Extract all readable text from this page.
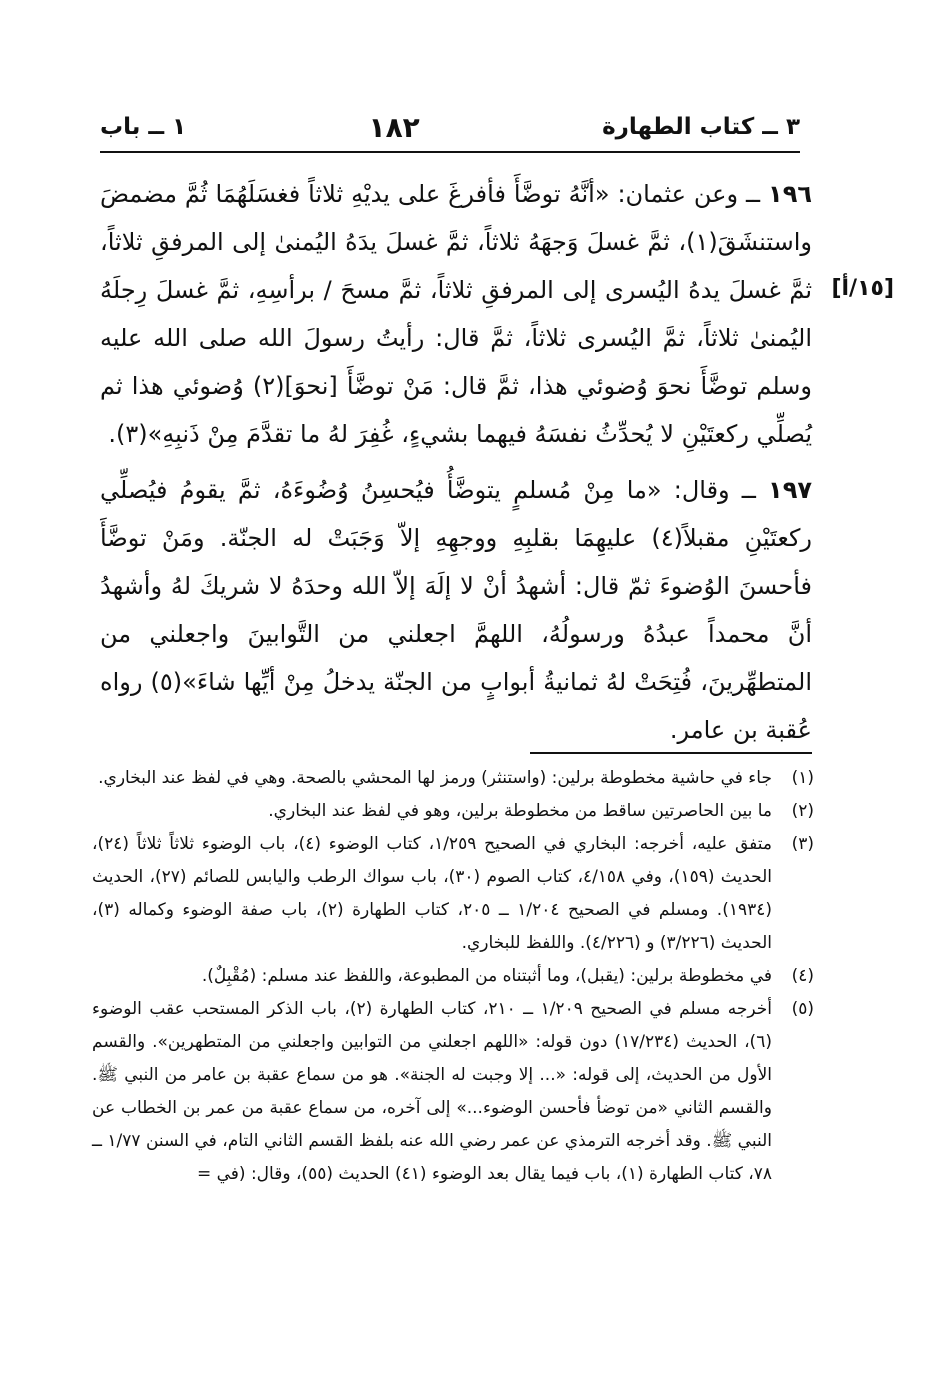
١ ــ باب	١٨٢	٣ ــ كتاب الطهارة
[١٥/أ]

١٩٦ ــ وعن عثمان: «أنَّهُ توضَّأَ فأفرغَ على يديْهِ ثلاثاً فغسَلَهُمَا ثُمَّ مضمضَ واستنشَقَ(١)، ثمَّ غسلَ وَجهَهُ ثلاثاً، ثمَّ غسلَ يدَهُ اليُمنىٰ إلى المرفقِ ثلاثاً، ثمَّ غسلَ يدهُ اليُسرى إلى المرفقِ ثلاثاً، ثمَّ مسحَ / برأسِهِ، ثمَّ غسلَ رِجلَهُ اليُمنىٰ ثلاثاً، ثمَّ اليُسرى ثلاثاً، ثمَّ قال: رأيتُ رسولَ الله صلى الله عليه وسلم توضَّأَ نحوَ وُضوئي هذا، ثمَّ قال: مَنْ توضَّأَ [نحوَ](٢) وُضوئي هذا ثم يُصلِّي ركعتَيْنِ لا يُحدِّثُ نفسَهُ فيهما بشيءٍ، غُفِرَ لهُ ما تقدَّمَ مِنْ ذَنبِهِ»(٣).

١٩٧ ــ وقال: «ما مِنْ مُسلمٍ يتوضَّأُ فيُحسِنُ وُضُوءَهُ، ثمَّ يقومُ فيُصلِّي ركعتَيْنِ مقبلاً(٤) عليهِمَا بقلبِهِ ووجهِهِ إلاّ وَجَبَتْ له الجنّة. ومَنْ توضَّأَ فأحسنَ الوُضوءَ ثمّ قال: أشهدُ أنْ لا إلَهَ إلاّ الله وحدَهُ لا شريكَ لهُ وأشهدُ أنَّ محمداً عبدُهُ ورسولُهُ، اللهمَّ اجعلني من التَّوابينَ واجعلني من المتطهِّرينَ، فُتِحَتْ لهُ ثمانيةُ أبوابٍ من الجنّة يدخلُ مِنْ أيِّها شاءَ»(٥) رواه عُقبة بن عامر.

(١)
جاء في حاشية مخطوطة برلين: (واستنثر) ورمز لها المحشي بالصحة. وهي في لفظ عند البخاري.
(٢)
ما بين الحاصرتين ساقط من مخطوطة برلين، وهو في لفظ عند البخاري.
(٣)
متفق عليه، أخرجه: البخاري في الصحيح ١/٢٥٩، كتاب الوضوء (٤)، باب الوضوء ثلاثاً ثلاثاً (٢٤)، الحديث (١٥٩)، وفي ٤/١٥٨، كتاب الصوم (٣٠)، باب سواك الرطب واليابس للصائم (٢٧)، الحديث (١٩٣٤). ومسلم في الصحيح ١/٢٠٤ ــ ٢٠٥، كتاب الطهارة (٢)، باب صفة الوضوء وكماله (٣)، الحديث (٣/٢٢٦) و (٤/٢٢٦). واللفظ للبخاري.
(٤)
في مخطوطة برلين: (يقبل)، وما أثبتناه من المطبوعة، واللفظ عند مسلم: (مُقْبِلٌ).
(٥)
أخرجه مسلم في الصحيح ١/٢٠٩ ــ ٢١٠، كتاب الطهارة (٢)، باب الذكر المستحب عقب الوضوء (٦)، الحديث (١٧/٢٣٤) دون قوله: «اللهم اجعلني من التوابين واجعلني من المتطهرين». والقسم الأول من الحديث، إلى قوله: «... إلا وجبت له الجنة». هو من سماع عقبة بن عامر من النبي ﷺ. والقسم الثاني «من توضأ فأحسن الوضوء...» إلى آخره، من سماع عقبة من عمر بن الخطاب عن النبي ﷺ. وقد أخرجه الترمذي عن عمر رضي الله عنه بلفظ القسم الثاني التام، في السنن ١/٧٧ ــ ٧٨، كتاب الطهارة (١)، باب فيما يقال بعد الوضوء (٤١) الحديث (٥٥)، وقال: (في =
